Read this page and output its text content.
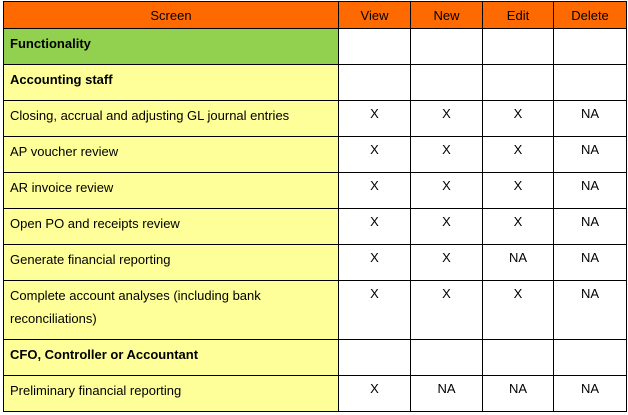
Screen	View	New	Edit	Delete

Functionality				

Accounting staff				

Closing, accrual and adjusting GL journal entries	X	X	X	NA

AP voucher review	X	X	X	NA

AR invoice review	X	X	X	NA

Open PO and receipts review	X	X	X	NA

Generate financial reporting	X	X	NA	NA

Complete account analyses (including bank reconciliations)	X	X	X	NA

CFO, Controller or Accountant				

Preliminary financial reporting	X	NA	NA	NA
